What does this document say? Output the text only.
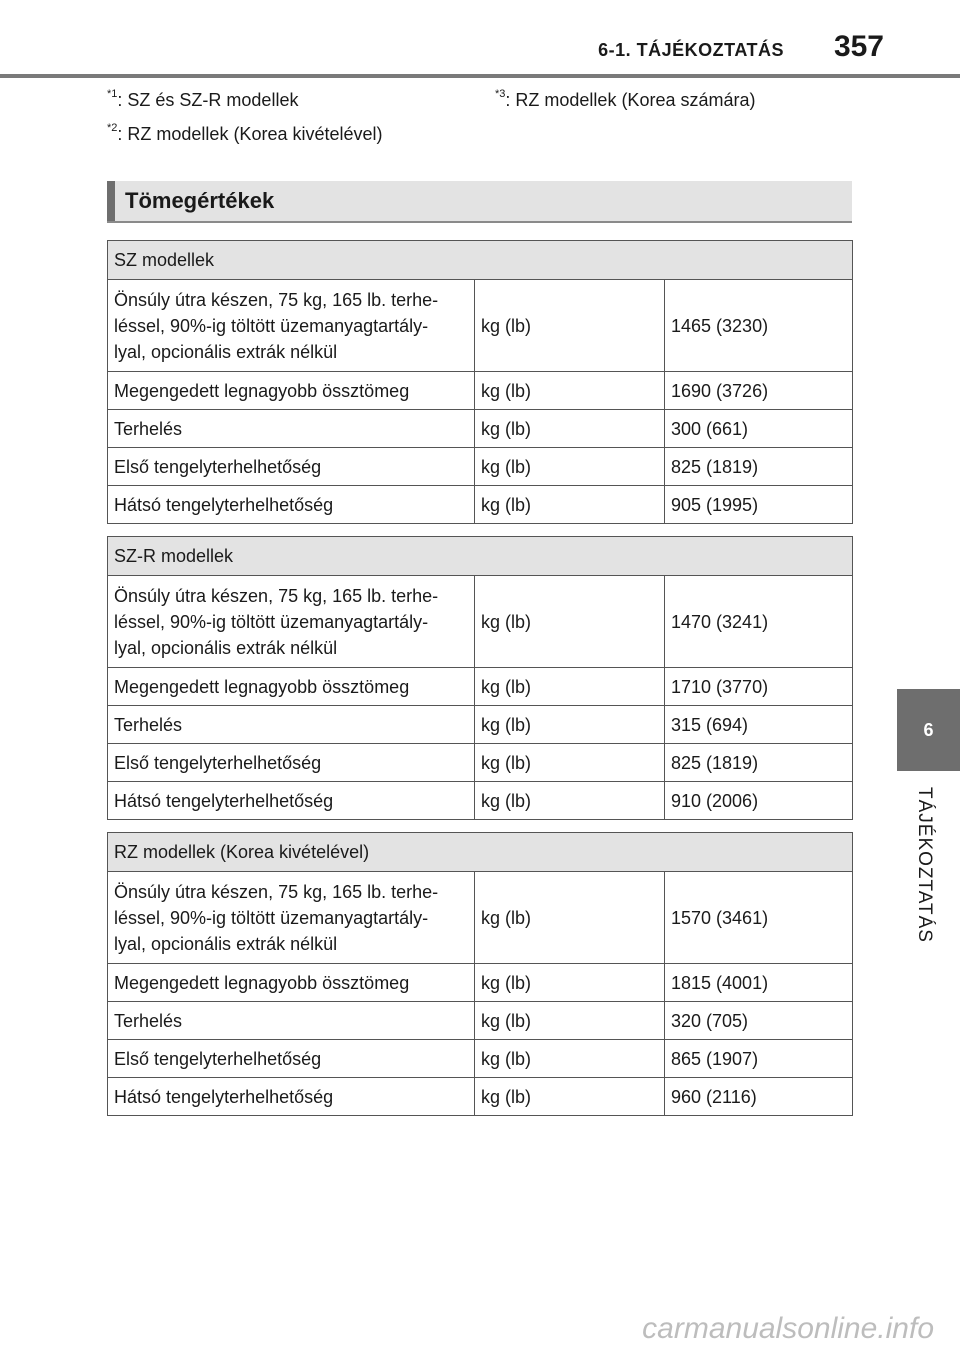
6-1. TÁJÉKOZTATÁS 357
$^{*1}$: SZ és SZ-R modellek	$^{*3}$: RZ modellek (Korea számára)
$^{*2}$: RZ modellek (Korea kivételével)
Tömegértékek
SZ modellek		
Önsúly útra készen, 75 kg, 165 lb. terhe-
léssel, 90%-ig töltött üzemanyagtartály-
lyal, opcionális extrák nélkül	kg (lb)	1465 (3230)
Megengedett legnagyobb össztömeg	kg (lb)	1690 (3726)
Terhelés	kg (lb)	300 (661)
Első tengelyterhelhetőség	kg (lb)	825 (1819)
Hátsó tengelyterhelhetőség	kg (lb)	905 (1995)
SZ-R modellek		
Önsúly útra készen, 75 kg, 165 lb. terhe-
léssel, 90%-ig töltött üzemanyagtartály-
lyal, opcionális extrák nélkül	kg (lb)	1470 (3241)
Megengedett legnagyobb össztömeg	kg (lb)	1710 (3770)
Terhelés	kg (lb)	315 (694)
Első tengelyterhelhetőség	kg (lb)	825 (1819)
Hátsó tengelyterhelhetőség	kg (lb)	910 (2006)
RZ modellek (Korea kivételével)		
Önsúly útra készen, 75 kg, 165 lb. terhe-
léssel, 90%-ig töltött üzemanyagtartály-
lyal, opcionális extrák nélkül	kg (lb)	1570 (3461)
Megengedett legnagyobb össztömeg	kg (lb)	1815 (4001)
Terhelés	kg (lb)	320 (705)
Első tengelyterhelhetőség	kg (lb)	865 (1907)
Hátsó tengelyterhelhetőség	kg (lb)	960 (2116)
6
TÁJÉKOZTATÁS
carmanualsonline.info
